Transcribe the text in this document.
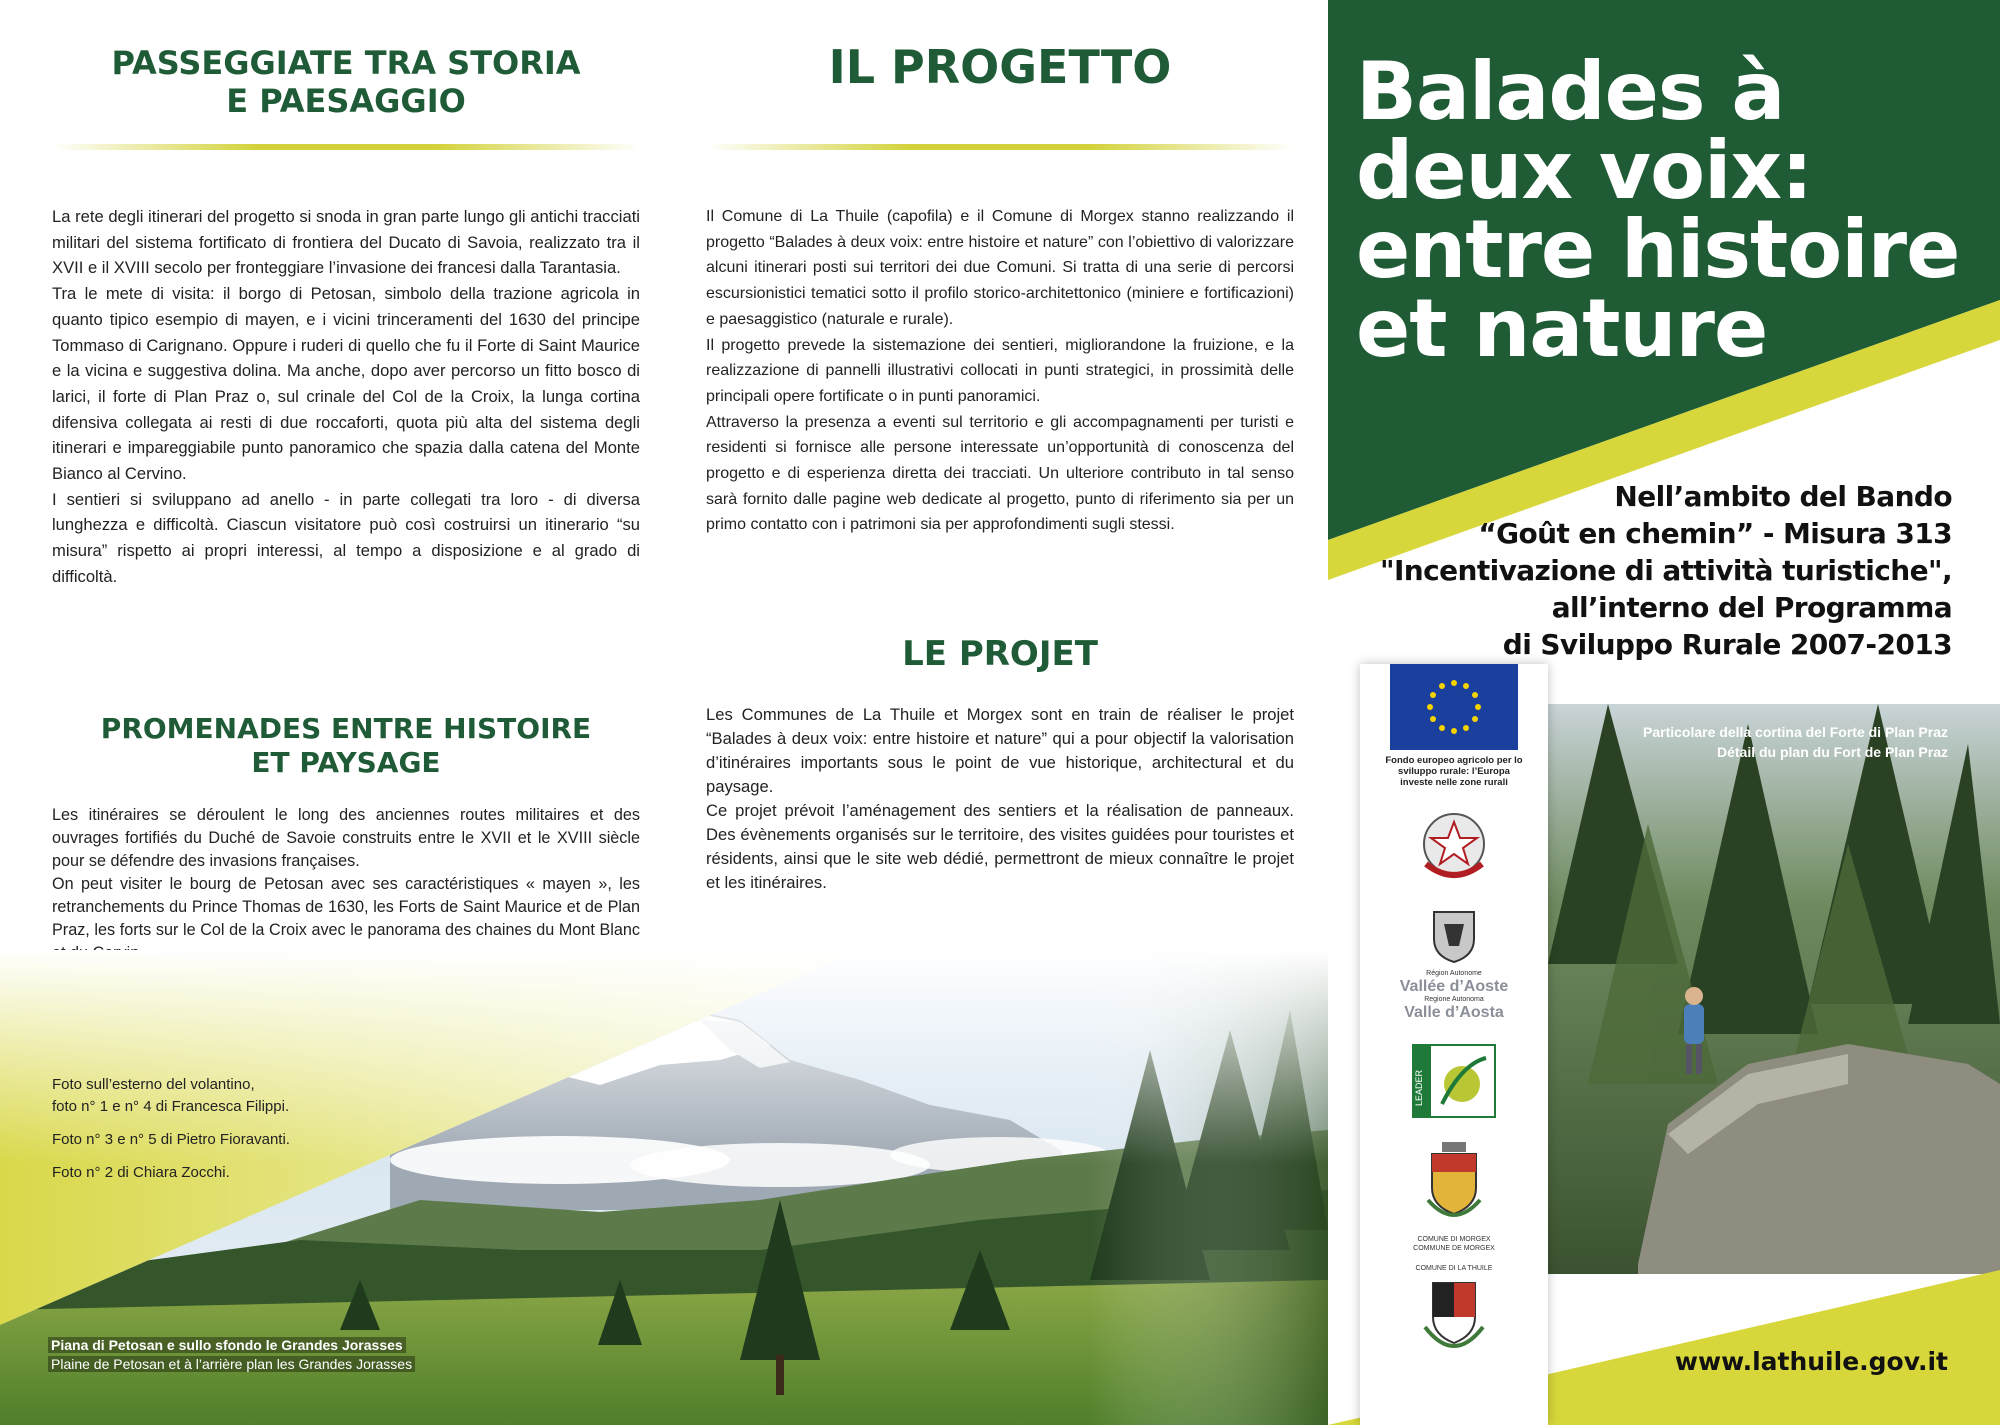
PASSEGGIATE TRA STORIA
E PAESAGGIO

La rete degli itinerari del progetto si snoda in gran parte lungo gli antichi tracciati militari del sistema fortificato di frontiera del Ducato di Savoia, realizzato tra il XVII e il XVIII secolo per fronteggiare l’invasione dei francesi dalla Tarantasia.

Tra le mete di visita: il borgo di Petosan, simbolo della trazione agricola in quanto tipico esempio di mayen, e i vicini trinceramenti del 1630 del principe Tommaso di Carignano. Oppure i ruderi di quello che fu il Forte di Saint Maurice e la vicina e suggestiva dolina. Ma anche, dopo aver percorso un fitto bosco di larici, il forte di Plan Praz o, sul crinale del Col de la Croix, la lunga cortina difensiva collegata ai resti di due roccaforti, quota più alta del sistema degli itinerari e impareggiabile punto panoramico che spazia dalla catena del Monte Bianco al Cervino.

I sentieri si sviluppano ad anello - in parte collegati tra loro - di diversa lunghezza e difficoltà. Ciascun visitatore può così costruirsi un itinerario “su misura” rispetto ai propri interessi, al tempo a disposizione e al grado di difficoltà.

PROMENADES ENTRE HISTOIRE
ET PAYSAGE

Les itinéraires se déroulent le long des anciennes routes militaires et des ouvrages fortifiés du Duché de Savoie construits entre le XVII et le XVIII siècle pour se défendre des invasions françaises.

On peut visiter le bourg de Petosan avec ses caractéristiques « mayen », les retranchements du Prince Thomas de 1630, les Forts de Saint Maurice et de Plan Praz, les forts sur le Col de la Croix avec le panorama des chaines du Mont Blanc

Foto sull’esterno del volantino,
foto n° 1 e n° 4 di Francesca Filippi.
Foto n° 3 e n° 5 di Pietro Fioravanti.
Foto n° 2 di Chiara Zocchi.
Piana di Petosan e sullo sfondo le Grandes Jorasses
Plaine de Petosan et à l’arrière plan les Grandes Jorasses
IL PROGETTO

Il Comune di La Thuile (capofila) e il Comune di Morgex stanno realizzando il progetto “Balades à deux voix: entre histoire et nature” con l’obiettivo di valorizzare alcuni itinerari posti sui territori dei due Comuni. Si tratta di una serie di percorsi escursionistici tematici sotto il profilo storico-architettonico (miniere e fortificazioni) e paesaggistico (naturale e rurale).

Il progetto prevede la sistemazione dei sentieri, migliorandone la fruizione, e la realizzazione di pannelli illustrativi collocati in punti strategici, in prossimità delle principali opere fortificate o in punti panoramici.

Attraverso la presenza a eventi sul territorio e gli accompagnamenti per turisti e residenti si fornisce alle persone interessate un’opportunità di conoscenza del progetto e di esperienza diretta dei tracciati. Un ulteriore contributo in tal senso sarà fornito dalle pagine web dedicate al progetto, punto di riferimento sia per un primo contatto con i patrimoni sia per approfondimenti sugli stessi.

LE PROJET

Les Communes de La Thuile et Morgex sont en train de réaliser le projet “Balades à deux voix: entre histoire et nature” qui a pour objectif la valorisation d’itinéraires importants sous le point de vue historique, architectural et du paysage.

Ce projet prévoit l’aménagement des sentiers et la réalisation de panneaux. Des évènements organisés sur le territoire, des visites guidées pour touristes et résidents, ainsi que le site web dédié, permettront de mieux connaître le projet et les itinéraires.

Balades à
deux voix:
entre histoire
et nature
Nell’ambito del Bando
“Goût en chemin” - Misura 313
"Incentivazione di attività turistiche",
all’interno del Programma
di Sviluppo Rurale 2007-2013
Particolare della cortina del Forte di Plan Praz
Détail du plan du Fort de Plan Praz
Fondo europeo agricolo per lo sviluppo rurale: l’Europa investe nelle zone rurali
Région Autonome
Vallée d’Aoste
Regione Autonoma
Valle d’Aosta
LEADER
COMUNE DI MORGEX
COMMUNE DE MORGEX
COMUNE DI LA THUILE
www.lathuile.gov.it
